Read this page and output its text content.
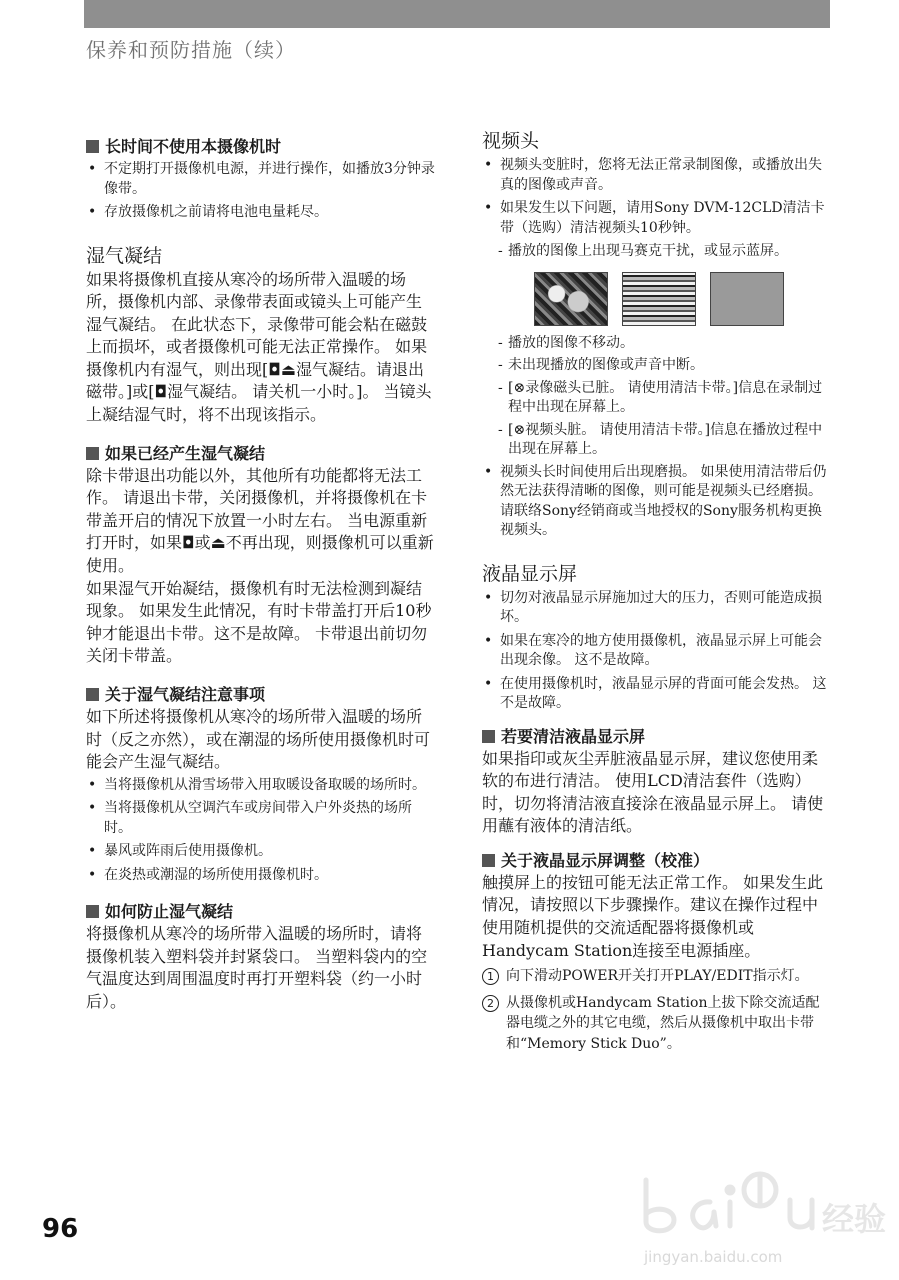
保养和预防措施（续）

长时间不使用本摄像机时

• 不定期打开摄像机电源，并进行操作，如播放3分钟录像带。
• 存放摄像机之前请将电池电量耗尽。

湿气凝结

如果将摄像机直接从寒冷的场所带入温暖的场所，摄像机内部、录像带表面或镜头上可能产生湿气凝结。 在此状态下，录像带可能会粘在磁鼓上而损坏，或者摄像机可能无法正常操作。 如果摄像机内有湿气，则出现[◘⏏湿气凝结。请退出磁带。]或[◘湿气凝结。 请关机一小时。]。 当镜头上凝结湿气时，将不出现该指示。

如果已经产生湿气凝结

除卡带退出功能以外，其他所有功能都将无法工作。 请退出卡带，关闭摄像机，并将摄像机在卡带盖开启的情况下放置一小时左右。 当电源重新打开时，如果◘或⏏不再出现，则摄像机可以重新使用。

如果湿气开始凝结，摄像机有时无法检测到凝结现象。 如果发生此情况，有时卡带盖打开后10秒钟才能退出卡带。这不是故障。 卡带退出前切勿关闭卡带盖。

关于湿气凝结注意事项

如下所述将摄像机从寒冷的场所带入温暖的场所时（反之亦然），或在潮湿的场所使用摄像机时可能会产生湿气凝结。

• 当将摄像机从滑雪场带入用取暖设备取暖的场所时。
• 当将摄像机从空调汽车或房间带入户外炎热的场所时。
• 暴风或阵雨后使用摄像机。
• 在炎热或潮湿的场所使用摄像机时。

如何防止湿气凝结

将摄像机从寒冷的场所带入温暖的场所时，请将摄像机装入塑料袋并封紧袋口。 当塑料袋内的空气温度达到周围温度时再打开塑料袋（约一小时后）。

视频头

• 视频头变脏时，您将无法正常录制图像，或播放出失真的图像或声音。
• 如果发生以下问题，请用Sony DVM-12CLD清洁卡带（选购）清洁视频头10秒钟。
- 播放的图像上出现马赛克干扰，或显示蓝屏。
- 播放的图像不移动。
- 未出现播放的图像或声音中断。
- [⊗录像磁头已脏。 请使用清洁卡带。]信息在录制过程中出现在屏幕上。
- [⊗视频头脏。 请使用清洁卡带。]信息在播放过程中出现在屏幕上。
• 视频头长时间使用后出现磨损。 如果使用清洁带后仍然无法获得清晰的图像，则可能是视频头已经磨损。 请联络Sony经销商或当地授权的Sony服务机构更换视频头。

液晶显示屏

• 切勿对液晶显示屏施加过大的压力，否则可能造成损坏。
• 如果在寒冷的地方使用摄像机，液晶显示屏上可能会出现余像。 这不是故障。
• 在使用摄像机时，液晶显示屏的背面可能会发热。 这不是故障。

若要清洁液晶显示屏

如果指印或灰尘弄脏液晶显示屏，建议您使用柔软的布进行清洁。 使用LCD清洁套件（选购）时，切勿将清洁液直接涂在液晶显示屏上。 请使用蘸有液体的清洁纸。

关于液晶显示屏调整（校准）

触摸屏上的按钮可能无法正常工作。 如果发生此情况，请按照以下步骤操作。建议在操作过程中使用随机提供的交流适配器将摄像机或Handycam Station连接至电源插座。

1 向下滑动POWER开关打开PLAY/EDIT指示灯。
2 从摄像机或Handycam Station上拔下除交流适配器电缆之外的其它电缆，然后从摄像机中取出卡带和“Memory Stick Duo”。
96	经验
jingyan.baidu.com
